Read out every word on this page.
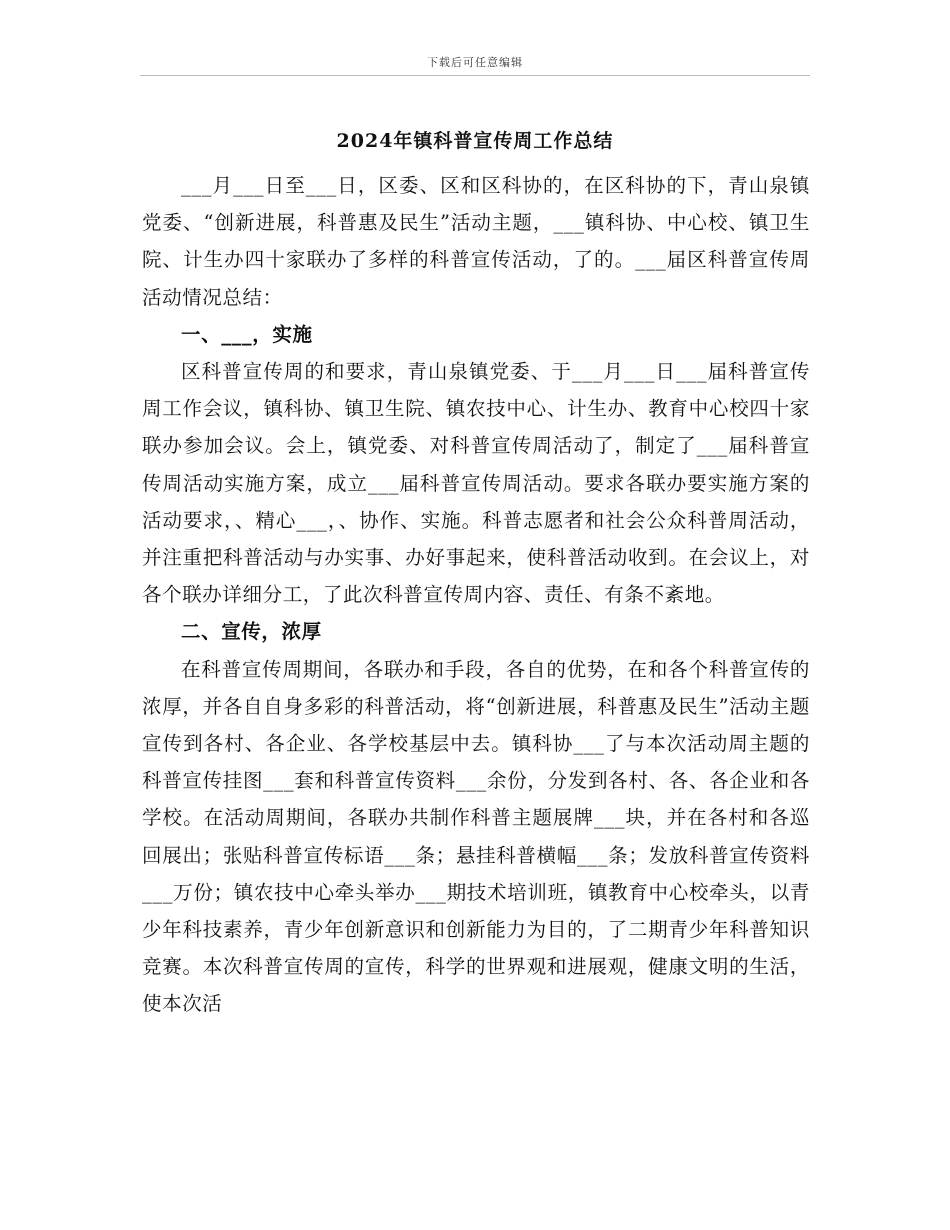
下载后可任意编辑
2024年镇科普宣传周工作总结

___月___日至___日，区委、区和区科协的，在区科协的下，青山泉镇党委、“创新进展，科普惠及民生”活动主题，___镇科协、中心校、镇卫生院、计生办四十家联办了多样的科普宣传活动，了的。___届区科普宣传周活动情况总结：

一、___，实施

区科普宣传周的和要求，青山泉镇党委、于___月___日___届科普宣传周工作会议，镇科协、镇卫生院、镇农技中心、计生办、教育中心校四十家联办参加会议。会上，镇党委、对科普宣传周活动了，制定了___届科普宣传周活动实施方案，成立___届科普宣传周活动。要求各联办要实施方案的活动要求，、精心___，、协作、实施。科普志愿者和社会公众科普周活动，并注重把科普活动与办实事、办好事起来，使科普活动收到。在会议上，对各个联办详细分工，了此次科普宣传周内容、责任、有条不紊地。

二、宣传，浓厚

在科普宣传周期间，各联办和手段，各自的优势，在和各个科普宣传的浓厚，并各自自身多彩的科普活动，将“创新进展，科普惠及民生”活动主题宣传到各村、各企业、各学校基层中去。镇科协___了与本次活动周主题的科普宣传挂图___套和科普宣传资料___余份，分发到各村、各、各企业和各学校。在活动周期间，各联办共制作科普主题展牌___块，并在各村和各巡回展出；张贴科普宣传标语___条；悬挂科普横幅___条；发放科普宣传资料___万份；镇农技中心牵头举办___期技术培训班，镇教育中心校牵头，以青少年科技素养，青少年创新意识和创新能力为目的，了二期青少年科普知识竞赛。本次科普宣传周的宣传，科学的世界观和进展观，健康文明的生活，使本次活
